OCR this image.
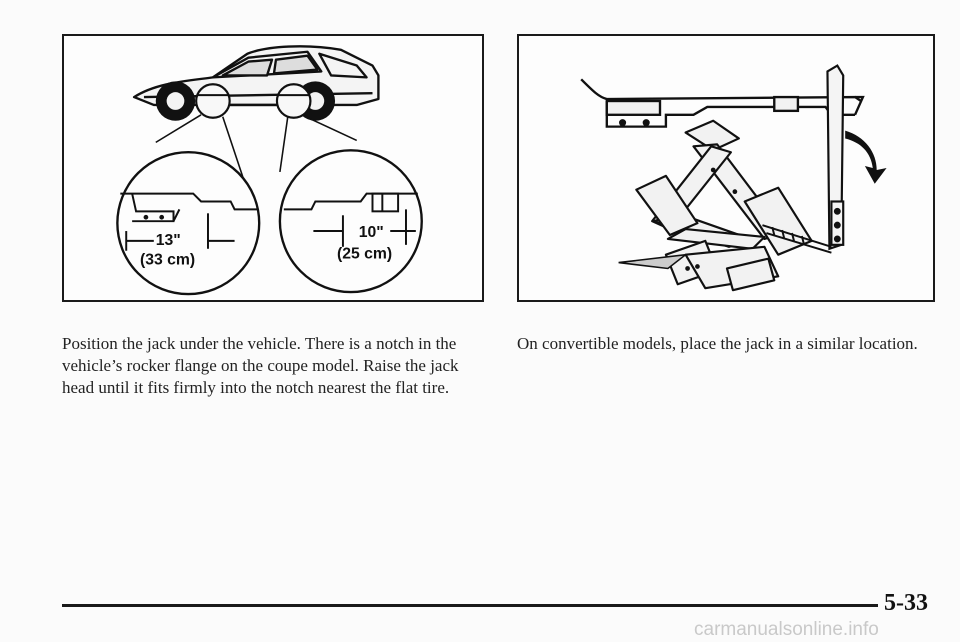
13"
(33 cm)
10"
(25 cm)

Position the jack under the vehicle. There is a notch in the vehicle’s rocker flange on the coupe model. Raise the jack head until it fits firmly into the notch nearest the flat tire.

On convertible models, place the jack in a similar location.

5-33
carmanualsonline.info
